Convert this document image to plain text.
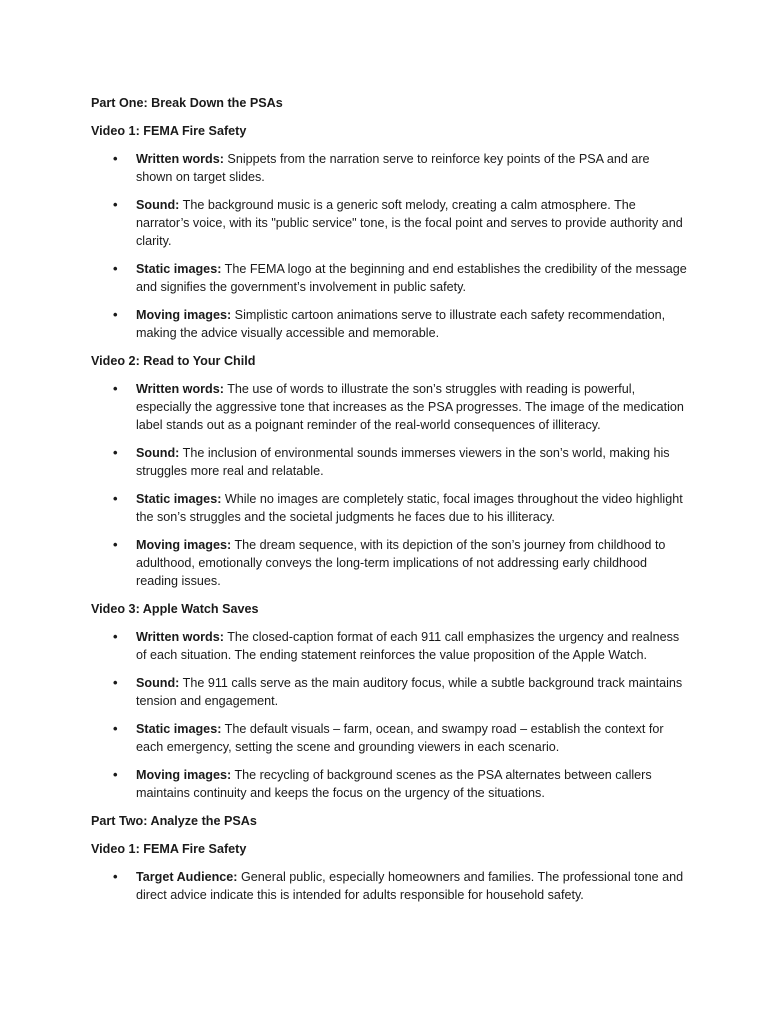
Part One: Break Down the PSAs
Video 1: FEMA Fire Safety
• Written words: Snippets from the narration serve to reinforce key points of the PSA and are shown on target slides.
• Sound: The background music is a generic soft melody, creating a calm atmosphere. The narrator’s voice, with its "public service" tone, is the focal point and serves to provide authority and clarity.
• Static images: The FEMA logo at the beginning and end establishes the credibility of the message and signifies the government’s involvement in public safety.
• Moving images: Simplistic cartoon animations serve to illustrate each safety recommendation, making the advice visually accessible and memorable.
Video 2: Read to Your Child
• Written words: The use of words to illustrate the son’s struggles with reading is powerful, especially the aggressive tone that increases as the PSA progresses. The image of the medication label stands out as a poignant reminder of the real-world consequences of illiteracy.
• Sound: The inclusion of environmental sounds immerses viewers in the son’s world, making his struggles more real and relatable.
• Static images: While no images are completely static, focal images throughout the video highlight the son’s struggles and the societal judgments he faces due to his illiteracy.
• Moving images: The dream sequence, with its depiction of the son’s journey from childhood to adulthood, emotionally conveys the long-term implications of not addressing early childhood reading issues.
Video 3: Apple Watch Saves
• Written words: The closed-caption format of each 911 call emphasizes the urgency and realness of each situation. The ending statement reinforces the value proposition of the Apple Watch.
• Sound: The 911 calls serve as the main auditory focus, while a subtle background track maintains tension and engagement.
• Static images: The default visuals – farm, ocean, and swampy road – establish the context for each emergency, setting the scene and grounding viewers in each scenario.
• Moving images: The recycling of background scenes as the PSA alternates between callers maintains continuity and keeps the focus on the urgency of the situations.
Part Two: Analyze the PSAs
Video 1: FEMA Fire Safety
• Target Audience: General public, especially homeowners and families. The professional tone and direct advice indicate this is intended for adults responsible for household safety.
